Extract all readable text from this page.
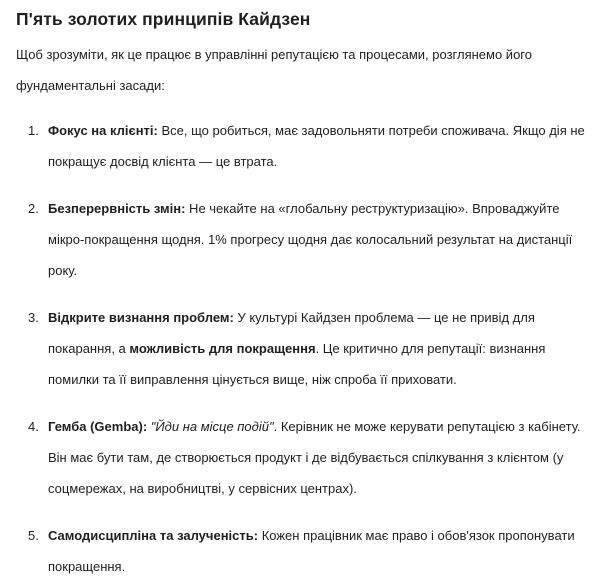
П'ять золотих принципів Кайдзен

Щоб зрозуміти, як це працює в управлінні репутацією та процесами, розглянемо його фундаментальні засади:

1. Фокус на клієнті: Все, що робиться, має задовольняти потреби споживача. Якщо дія не покращує досвід клієнта — це втрата.
2. Безперервність змін: Не чекайте на «глобальну реструктуризацію». Впроваджуйте мікро-покращення щодня. 1% прогресу щодня дає колосальний результат на дистанції року.
3. Відкрите визнання проблем: У культурі Кайдзен проблема — це не привід для покарання, а можливість для покращення. Це критично для репутації: визнання помилки та її виправлення цінується вище, ніж спроба її приховати.
4. Гемба (Gemba): "Йди на місце подій". Керівник не може керувати репутацією з кабінету. Він має бути там, де створюється продукт і де відбувається спілкування з клієнтом (у соцмережах, на виробництві, у сервісних центрах).
5. Самодисципліна та залученість: Кожен працівник має право і обов'язок пропонувати покращення.
